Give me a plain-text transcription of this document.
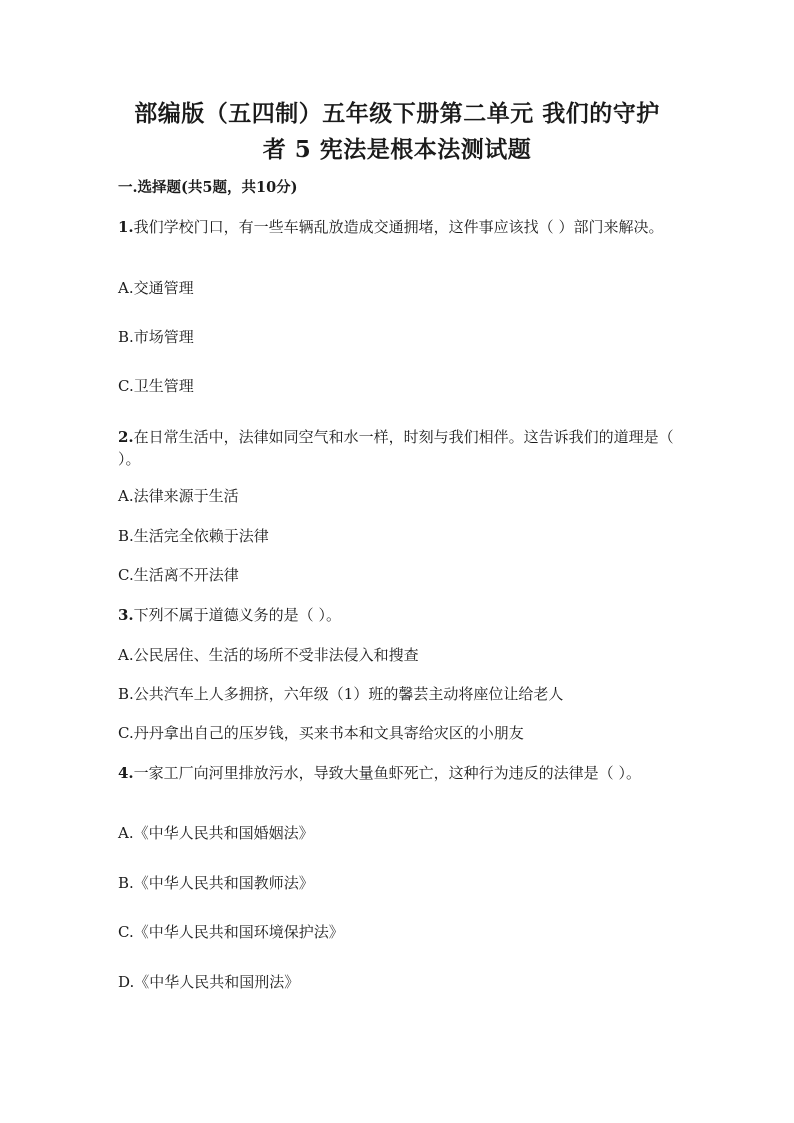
部编版（五四制）五年级下册第二单元 我们的守护
者 5 宪法是根本法测试题
一.选择题(共5题，共10分)
1.我们学校门口，有一些车辆乱放造成交通拥堵，这件事应该找（ ）部门来解决。
A.交通管理
B.市场管理
C.卫生管理
2.在日常生活中，法律如同空气和水一样，时刻与我们相伴。这告诉我们的道理是（ ）。
A.法律来源于生活
B.生活完全依赖于法律
C.生活离不开法律
3.下列不属于道德义务的是（ ）。
A.公民居住、生活的场所不受非法侵入和搜查
B.公共汽车上人多拥挤，六年级（1）班的馨芸主动将座位让给老人
C.丹丹拿出自己的压岁钱，买来书本和文具寄给灾区的小朋友
4.一家工厂向河里排放污水，导致大量鱼虾死亡，这种行为违反的法律是（ ）。
A.《中华人民共和国婚姻法》
B.《中华人民共和国教师法》
C.《中华人民共和国环境保护法》
D.《中华人民共和国刑法》
